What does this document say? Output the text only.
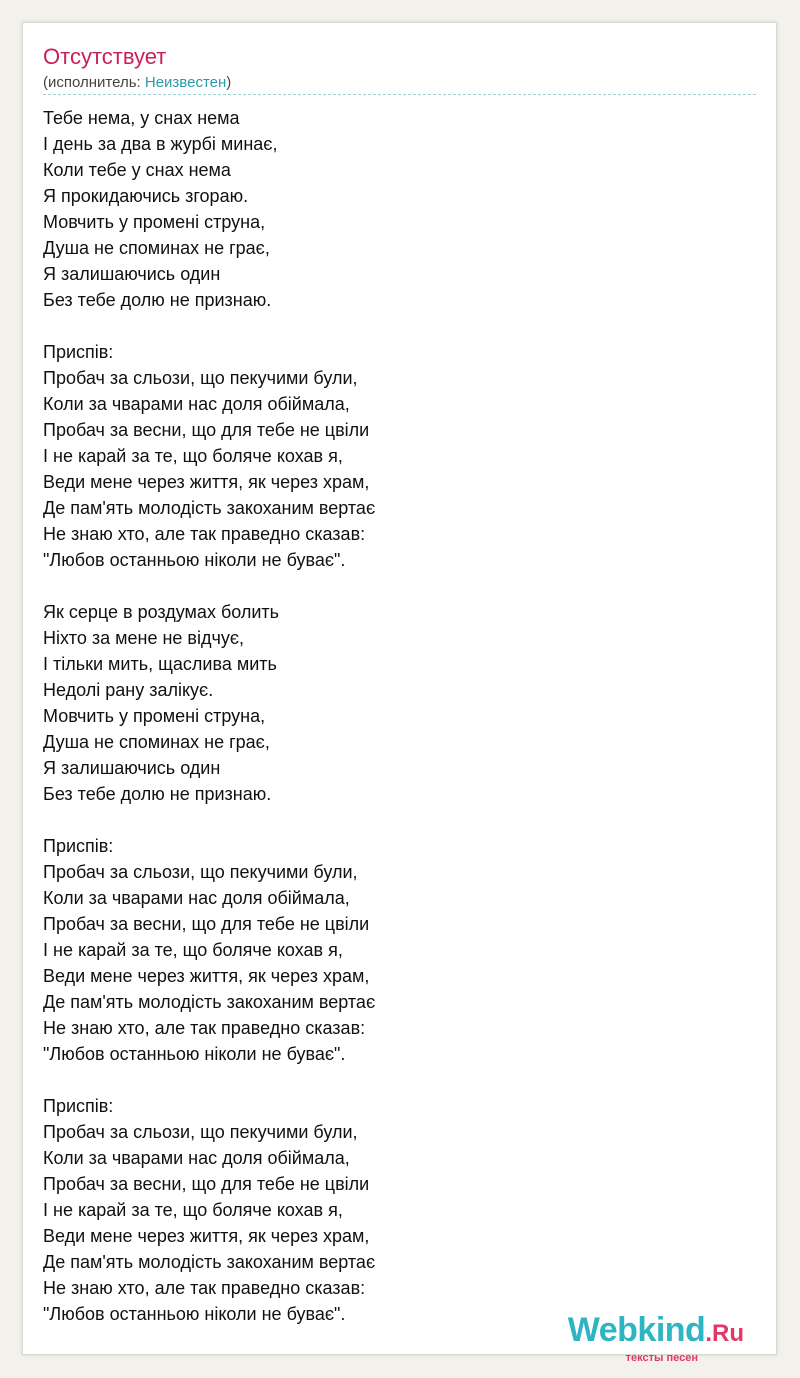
Отсутствует
(исполнитель: Неизвестен)
Тебе нема, у снах нема
І день за два в журбі минає,
Коли тебе у снах нема
Я прокидаючись згораю.
Мовчить у промені струна,
Душа не споминах не грає,
Я залишаючись один
Без тебе долю не признаю.
Приспів:
Пробач за сльози, що пекучими були,
Коли за чварами нас доля обіймала,
Пробач за весни, що для тебе не цвіли
І не карай за те, що боляче кохав я,
Веди мене через життя, як через храм,
Де пам'ять молодість закоханим вертає
Не знаю хто, але так праведно сказав:
"Любов останньою ніколи не буває".
Як серце в роздумах болить
Ніхто за мене не відчує,
І тільки мить, щаслива мить
Недолі рану залікує.
Мовчить у промені струна,
Душа не споминах не грає,
Я залишаючись один
Без тебе долю не признаю.
Приспів:
Пробач за сльози, що пекучими були,
Коли за чварами нас доля обіймала,
Пробач за весни, що для тебе не цвіли
І не карай за те, що боляче кохав я,
Веди мене через життя, як через храм,
Де пам'ять молодість закоханим вертає
Не знаю хто, але так праведно сказав:
"Любов останньою ніколи не буває".
Приспів:
Пробач за сльози, що пекучими були,
Коли за чварами нас доля обіймала,
Пробач за весни, що для тебе не цвіли
І не карай за те, що боляче кохав я,
Веди мене через життя, як через храм,
Де пам'ять молодість закоханим вертає
Не знаю хто, але так праведно сказав:
"Любов останньою ніколи не буває".	Webkind.Ru
тексты песен
